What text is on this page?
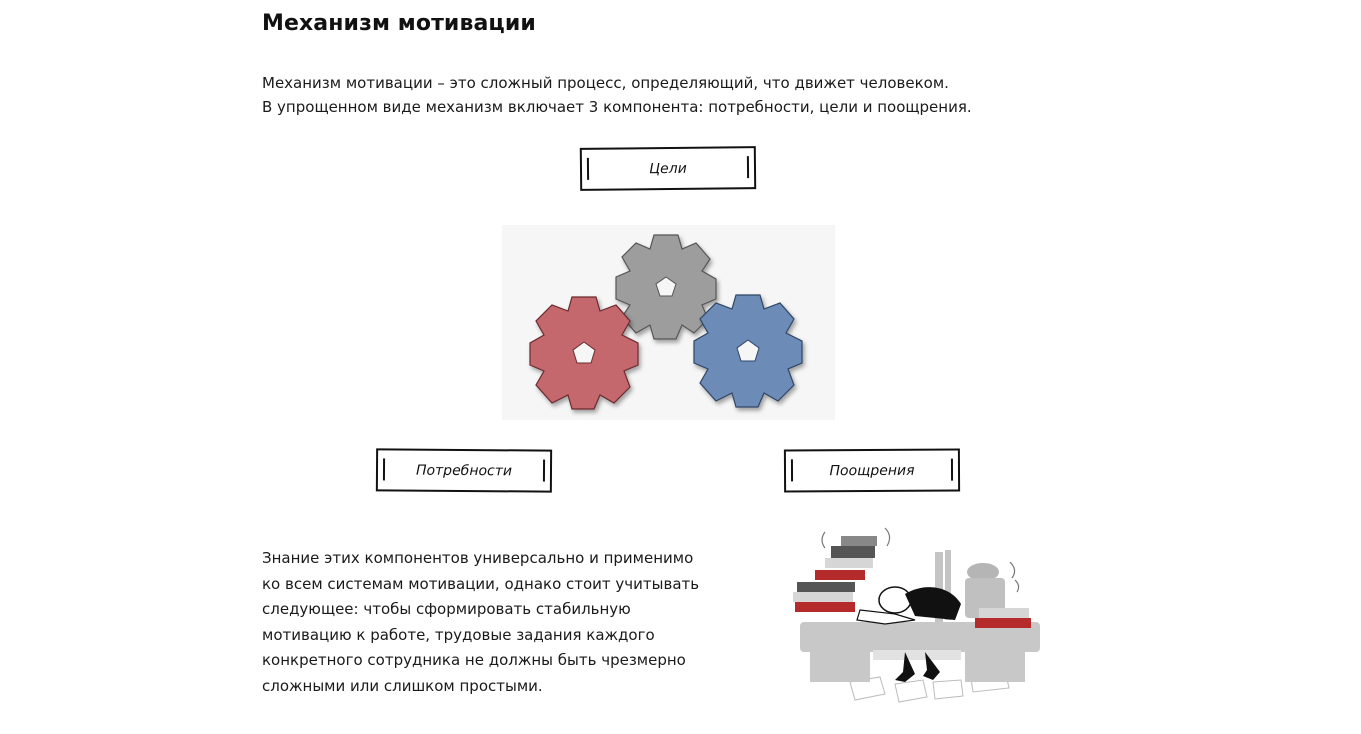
Механизм мотивации

Механизм мотивации – это сложный процесс, определяющий, что движет человеком.

В упрощенном виде механизм включает 3 компонента: потребности, цели и поощрения.

Цели
Потребности	Поощрения

Знание этих компонентов универсально и применимо

ко всем системам мотивации, однако стоит учитывать

следующее: чтобы сформировать стабильную

мотивацию к работе, трудовые задания каждого

конкретного сотрудника не должны быть чрезмерно

сложными или слишком простыми.
